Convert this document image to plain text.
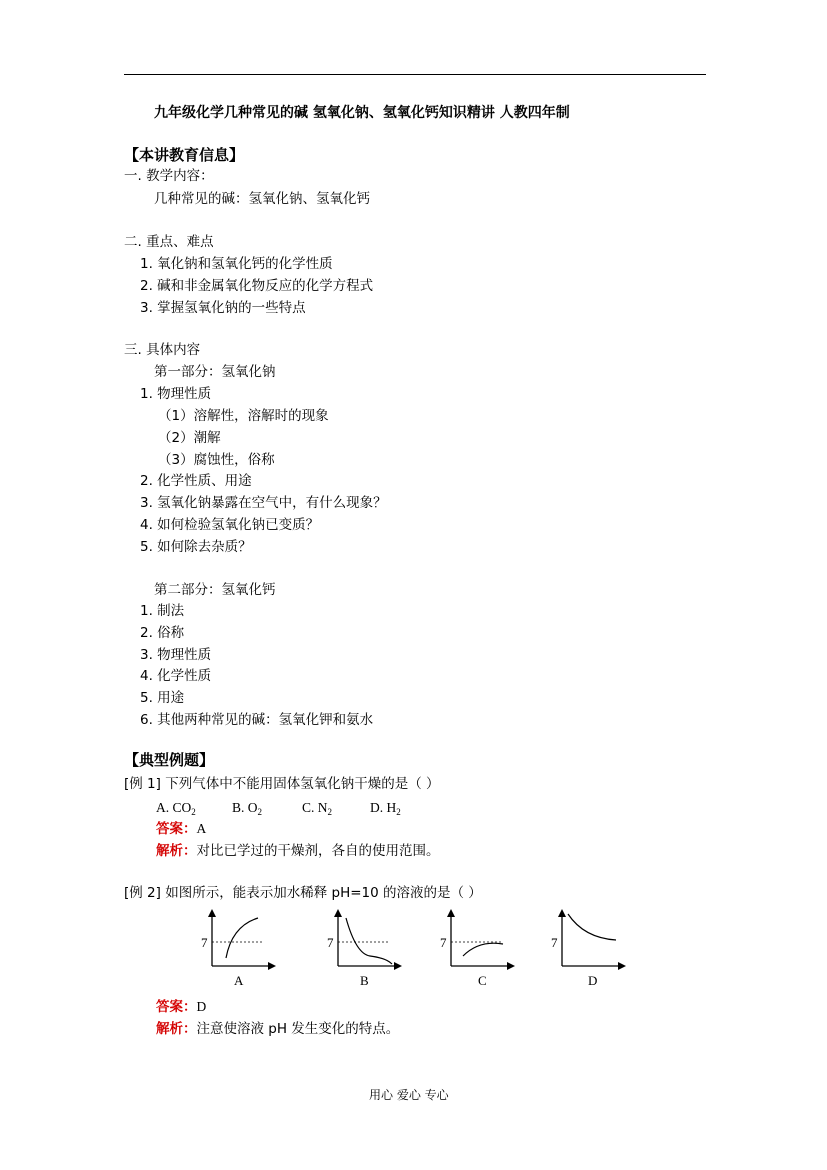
九年级化学几种常见的碱 氢氧化钠、氢氧化钙知识精讲 人教四年制
【本讲教育信息】
一. 教学内容：
几种常见的碱：氢氧化钠、氢氧化钙
二. 重点、难点
1. 氧化钠和氢氧化钙的化学性质
2. 碱和非金属氧化物反应的化学方程式
3. 掌握氢氧化钠的一些特点
三. 具体内容
第一部分：氢氧化钠
1. 物理性质
（1）溶解性，溶解时的现象
（2）潮解
（3）腐蚀性，俗称
2. 化学性质、用途
3. 氢氧化钠暴露在空气中，有什么现象？
4. 如何检验氢氧化钠已变质？
5. 如何除去杂质？
第二部分：氢氧化钙
1. 制法
2. 俗称
3. 物理性质
4. 化学性质
5. 用途
6. 其他两种常见的碱：氢氧化钾和氨水
【典型例题】
[例 1] 下列气体中不能用固体氢氧化钠干燥的是（ ）
A. $CO_2$	B. $O_2$	C. $N_2$	D. $H_2$
答案：A
解析：对比已学过的干燥剂，各自的使用范围。
[例 2] 如图所示，能表示加水稀释 pH=10 的溶液的是（ ）
7
A
7
B
7
C
7
D
答案：D
解析：注意使溶液 pH 发生变化的特点。
用心 爱心 专心
